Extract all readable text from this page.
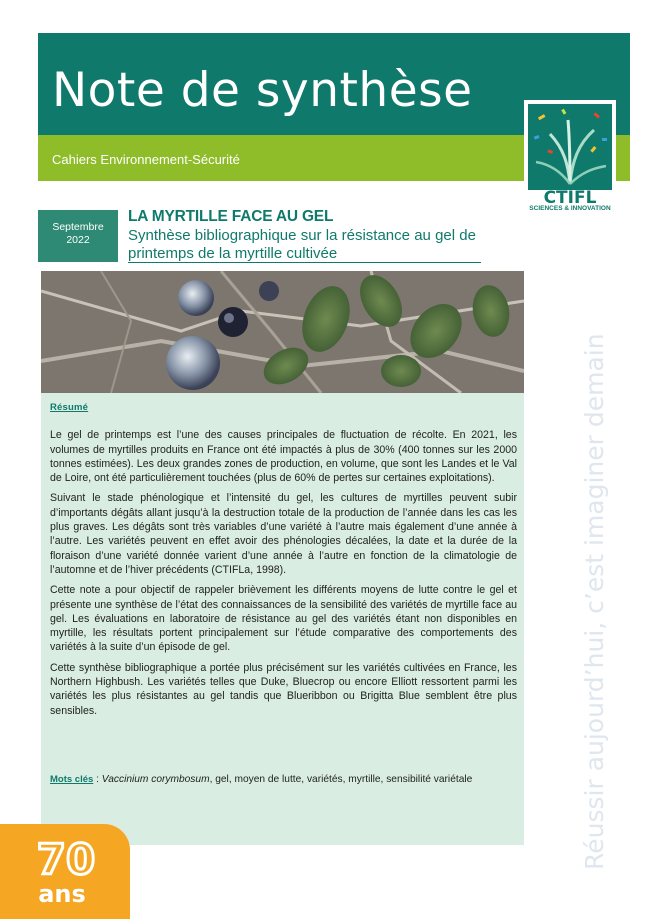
Note de synthèse
Cahiers Environnement-Sécurité
CTIFL
SCIENCES & INNOVATION
Septembre
2022
LA MYRTILLE FACE AU GEL
Synthèse bibliographique sur la résistance au gel de printemps de la myrtille cultivée
Résumé

Le gel de printemps est l’une des causes principales de fluctuation de récolte. En 2021, les volumes de myrtilles produits en France ont été impactés à plus de 30% (400 tonnes sur les 2000 tonnes estimées). Les deux grandes zones de production, en volume, que sont les Landes et le Val de Loire, ont été particulièrement touchées (plus de 60% de pertes sur certaines exploitations).

Suivant le stade phénologique et l’intensité du gel, les cultures de myrtilles peuvent subir d’importants dégâts allant jusqu’à la destruction totale de la production de l’année dans les cas les plus graves. Les dégâts sont très variables d’une variété à l’autre mais également d’une année à l’autre. Les variétés peuvent en effet avoir des phénologies décalées, la date et la durée de la floraison d’une variété donnée varient d’une année à l’autre en fonction de la climatologie de l’automne et de l’hiver précédents (CTIFLa, 1998).

Cette note a pour objectif de rappeler brièvement les différents moyens de lutte contre le gel et présente une synthèse de l’état des connaissances de la sensibilité des variétés de myrtille face au gel. Les évaluations en laboratoire de résistance au gel des variétés étant non disponibles en myrtille, les résultats portent principalement sur l’étude comparative des comportements des variétés à la suite d’un épisode de gel.

Cette synthèse bibliographique a portée plus précisément sur les variétés cultivées en France, les Northern Highbush. Les variétés telles que Duke, Bluecrop ou encore Elliott ressortent parmi les variétés les plus résistantes au gel tandis que Blueribbon ou Brigitta Blue semblent être plus sensibles.

Mots clés : Vaccinium corymbosum, gel, moyen de lutte, variétés, myrtille, sensibilité variétale	Réussir aujourd’hui, c’est imaginer demain
70
ans
